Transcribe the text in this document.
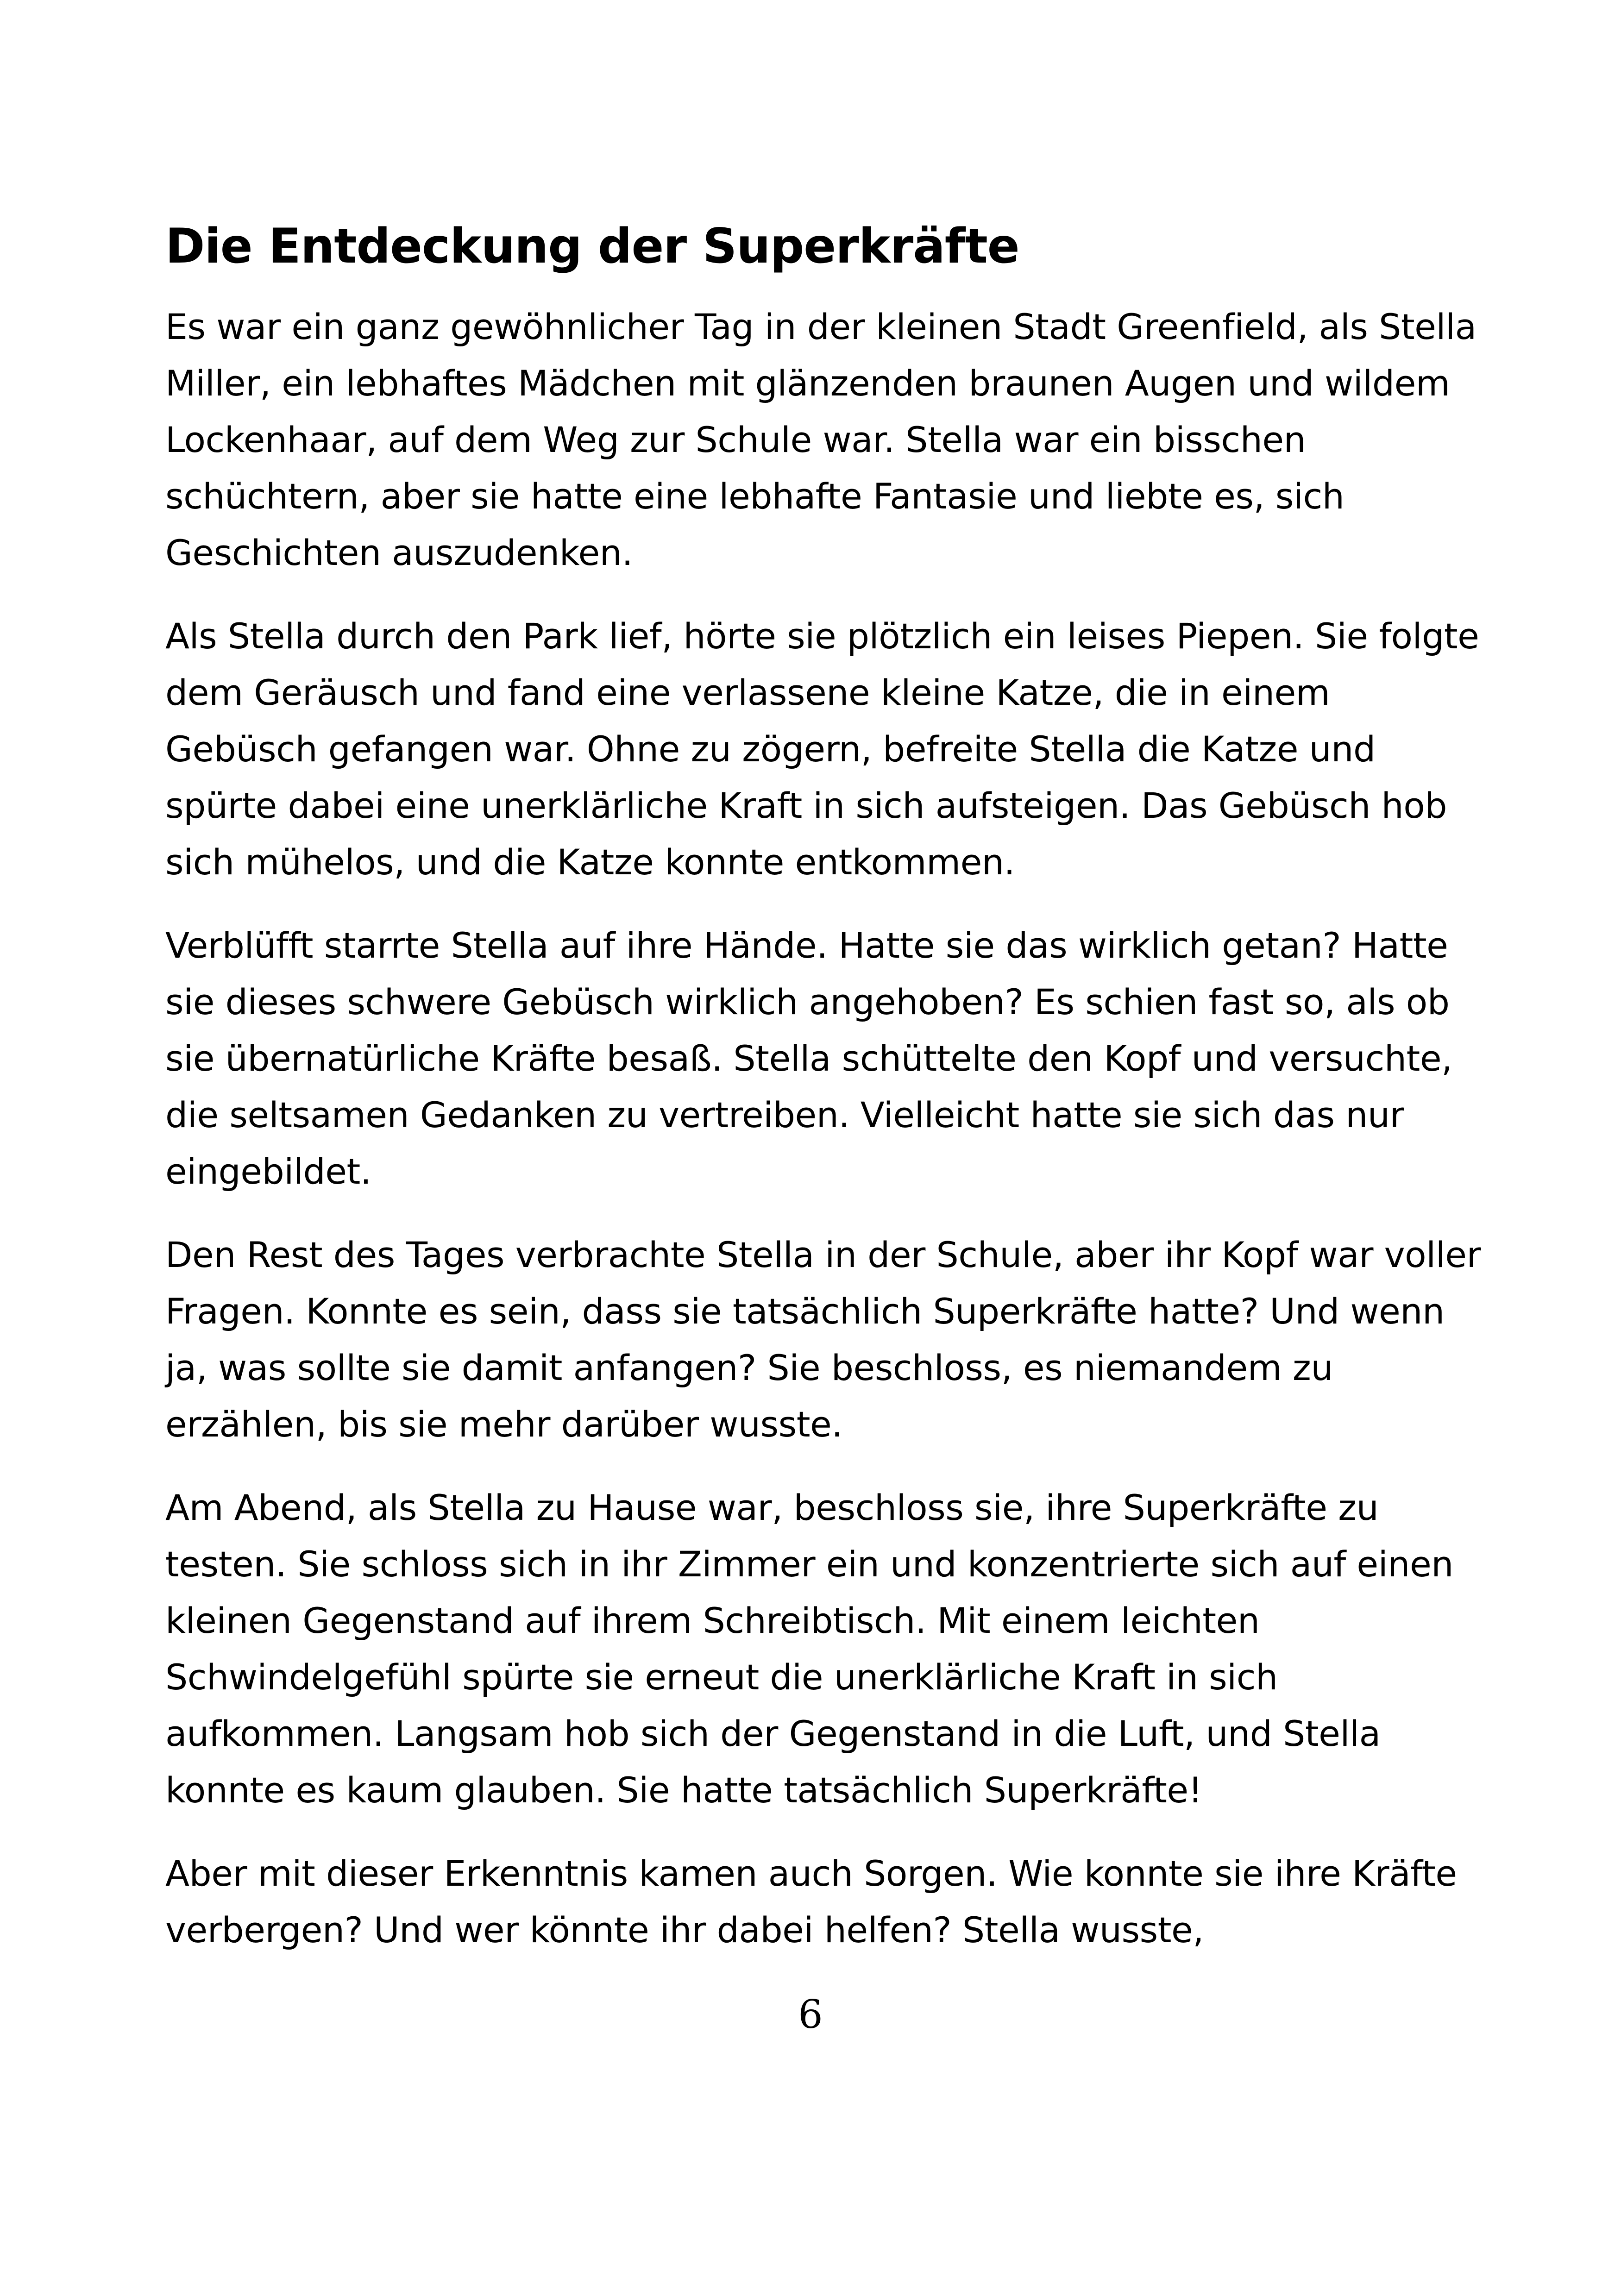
Die Entdeckung der Superkräfte

Es war ein ganz gewöhnlicher Tag in der kleinen Stadt Greenfield, als Stella Miller, ein lebhaftes Mädchen mit glänzenden braunen Augen und wildem Lockenhaar, auf dem Weg zur Schule war. Stella war ein bisschen schüchtern, aber sie hatte eine lebhafte Fantasie und liebte es, sich Geschichten auszudenken.

Als Stella durch den Park lief, hörte sie plötzlich ein leises Piepen. Sie folgte dem Geräusch und fand eine verlassene kleine Katze, die in einem Gebüsch gefangen war. Ohne zu zögern, befreite Stella die Katze und spürte dabei eine unerklärliche Kraft in sich aufsteigen. Das Gebüsch hob sich mühelos, und die Katze konnte entkommen.

Verblüfft starrte Stella auf ihre Hände. Hatte sie das wirklich getan? Hatte sie dieses schwere Gebüsch wirklich angehoben? Es schien fast so, als ob sie übernatürliche Kräfte besaß. Stella schüttelte den Kopf und versuchte, die seltsamen Gedanken zu vertreiben. Vielleicht hatte sie sich das nur eingebildet.

Den Rest des Tages verbrachte Stella in der Schule, aber ihr Kopf war voller Fragen. Konnte es sein, dass sie tatsächlich Superkräfte hatte? Und wenn ja, was sollte sie damit anfangen? Sie beschloss, es niemandem zu erzählen, bis sie mehr darüber wusste.

Am Abend, als Stella zu Hause war, beschloss sie, ihre Superkräfte zu testen. Sie schloss sich in ihr Zimmer ein und konzentrierte sich auf einen kleinen Gegenstand auf ihrem Schreibtisch. Mit einem leichten Schwindelgefühl spürte sie erneut die unerklärliche Kraft in sich aufkommen. Langsam hob sich der Gegenstand in die Luft, und Stella konnte es kaum glauben. Sie hatte tatsächlich Superkräfte!

Aber mit dieser Erkenntnis kamen auch Sorgen. Wie konnte sie ihre Kräfte verbergen? Und wer könnte ihr dabei helfen? Stella wusste,

6
